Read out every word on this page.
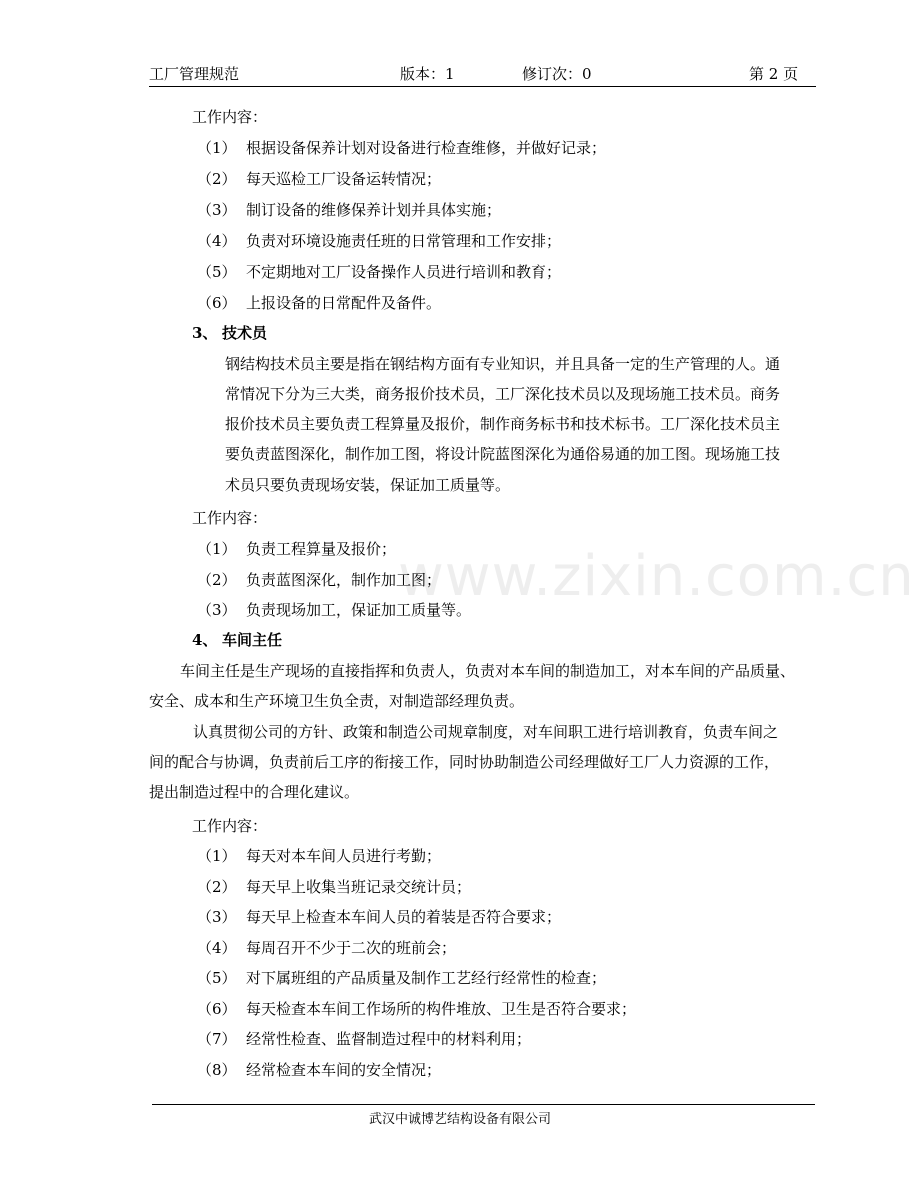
www.zixin.com.cn
工厂管理规范	版本：1	修订次：0	第 2 页
工作内容：
（1） 根据设备保养计划对设备进行检查维修，并做好记录；
（2） 每天巡检工厂设备运转情况；
（3） 制订设备的维修保养计划并具体实施；
（4） 负责对环境设施责任班的日常管理和工作安排；
（5） 不定期地对工厂设备操作人员进行培训和教育；
（6） 上报设备的日常配件及备件。
3、 技术员
钢结构技术员主要是指在钢结构方面有专业知识，并且具备一定的生产管理的人。通
常情况下分为三大类，商务报价技术员，工厂深化技术员以及现场施工技术员。商务
报价技术员主要负责工程算量及报价，制作商务标书和技术标书。工厂深化技术员主
要负责蓝图深化，制作加工图，将设计院蓝图深化为通俗易通的加工图。现场施工技
术员只要负责现场安装，保证加工质量等。
工作内容：
（1） 负责工程算量及报价；
（2） 负责蓝图深化，制作加工图；
（3） 负责现场加工，保证加工质量等。
4、 车间主任
车间主任是生产现场的直接指挥和负责人，负责对本车间的制造加工，对本车间的产品质量、
安全、成本和生产环境卫生负全责，对制造部经理负责。
认真贯彻公司的方针、政策和制造公司规章制度，对车间职工进行培训教育，负责车间之
间的配合与协调，负责前后工序的衔接工作，同时协助制造公司经理做好工厂人力资源的工作，
提出制造过程中的合理化建议。
工作内容：
（1） 每天对本车间人员进行考勤；
（2） 每天早上收集当班记录交统计员；
（3） 每天早上检查本车间人员的着装是否符合要求；
（4） 每周召开不少于二次的班前会；
（5） 对下属班组的产品质量及制作工艺经行经常性的检查；
（6） 每天检查本车间工作场所的构件堆放、卫生是否符合要求；
（7） 经常性检查、监督制造过程中的材料利用；
（8） 经常检查本车间的安全情况；
武汉中诚博艺结构设备有限公司
